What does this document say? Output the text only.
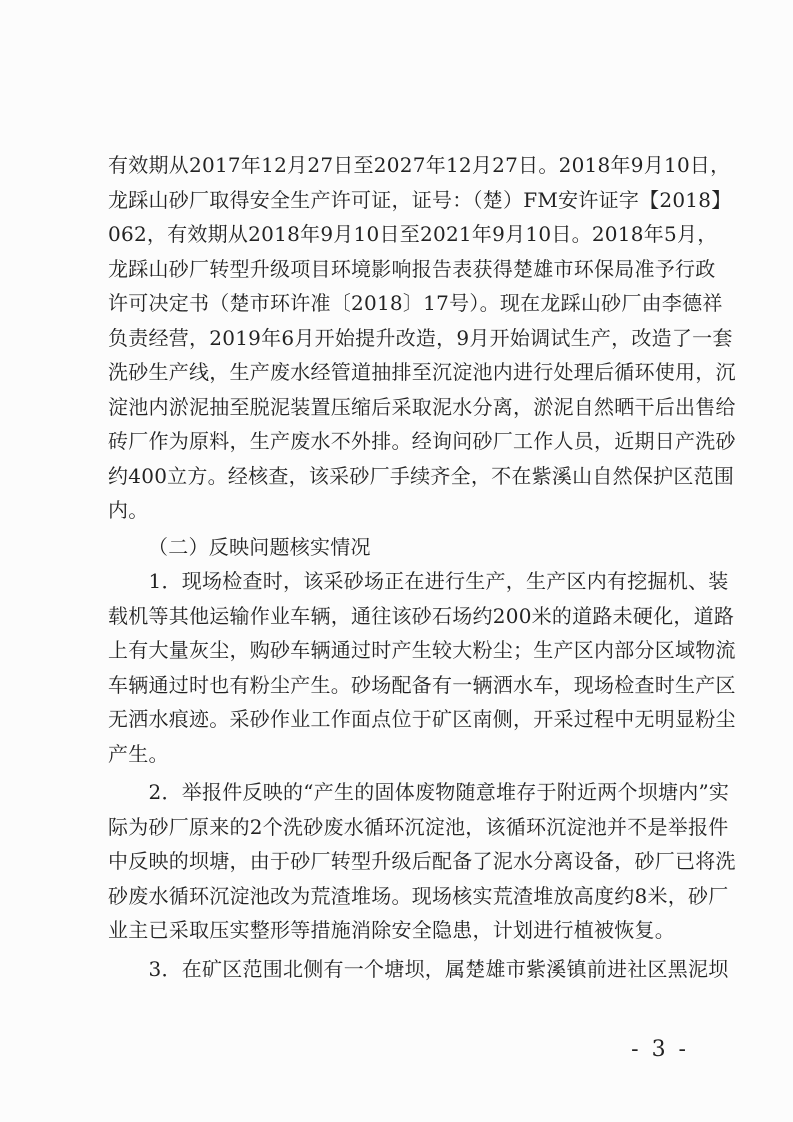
有效期从2017年12月27日至2027年12月27日。2018年9月10日，
龙踩山砂厂取得安全生产许可证，证号：（楚）FM安许证字【2018】
062，有效期从2018年9月10日至2021年9月10日。2018年5月，
龙踩山砂厂转型升级项目环境影响报告表获得楚雄市环保局准予行政
许可决定书（楚市环许准〔2018〕17号）。现在龙踩山砂厂由李德祥
负责经营，2019年6月开始提升改造，9月开始调试生产，改造了一套
洗砂生产线，生产废水经管道抽排至沉淀池内进行处理后循环使用，沉
淀池内淤泥抽至脱泥装置压缩后采取泥水分离，淤泥自然晒干后出售给
砖厂作为原料，生产废水不外排。经询问砂厂工作人员，近期日产洗砂
约400立方。经核查，该采砂厂手续齐全，不在紫溪山自然保护区范围
内。
（二）反映问题核实情况
　　1．现场检查时，该采砂场正在进行生产，生产区内有挖掘机、装
载机等其他运输作业车辆，通往该砂石场约200米的道路未硬化，道路
上有大量灰尘，购砂车辆通过时产生较大粉尘；生产区内部分区域物流
车辆通过时也有粉尘产生。砂场配备有一辆洒水车，现场检查时生产区
无洒水痕迹。采砂作业工作面点位于矿区南侧，开采过程中无明显粉尘
产生。
　　2．举报件反映的“产生的固体废物随意堆存于附近两个坝塘内”实
际为砂厂原来的2个洗砂废水循环沉淀池，该循环沉淀池并不是举报件
中反映的坝塘，由于砂厂转型升级后配备了泥水分离设备，砂厂已将洗
砂废水循环沉淀池改为荒渣堆场。现场核实荒渣堆放高度约8米，砂厂
业主已采取压实整形等措施消除安全隐患，计划进行植被恢复。
　　3．在矿区范围北侧有一个塘坝，属楚雄市紫溪镇前进社区黑泥坝
- 3 -
